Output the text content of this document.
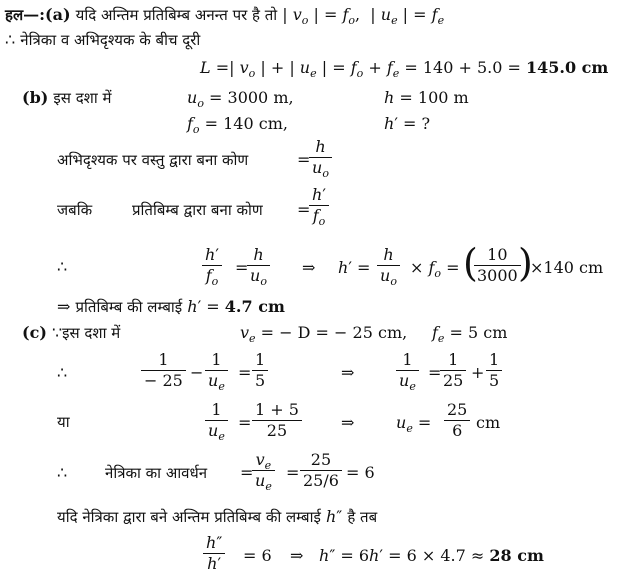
हल—:(a) यदि अन्तिम प्रतिबिम्ब अनन्त पर है तो | $v_o$ | = $f_o$,  | $u_e$ | = $f_e$
∴ नेत्रिका व अभिदृश्यक के बीच दूरी
L =| $v_o$ | + | $u_e$ | = $f_o + f_e = 140 + 5.0 = 145.0$ cm
(b) इस दशा में	$u_o = 3000$ m,	h = 100 m
$f_o = 140$ cm,	h′ = ?
अभिदृश्यक पर वस्तु द्वारा बना कोण	=
$\frac{h}{u_o}$
जबकि	प्रतिबिम्ब द्वारा बना कोण =
$\frac{h'}{f_o}$
∴	$\frac{h'}{f_o}$ =
$\frac{h}{u_o}$ ⇒ $h' = \frac{h}{u_o} \times f_o$ = (
$\frac{10}{3000}$
)
×140 cm
⇒ प्रतिबिम्ब की लम्बाई h′ = 4.7 cm
(c) ∵इस दशा में	$v_e$ = − D = − 25 cm, $f_e = 5$ cm
∴	$\frac{1}{- 25} - \frac{1}{u_e} = \frac{1}{5}$	⇒	$\frac{1}{u_e}$ =
$\frac{1}{25} + \frac{1}{5}$
या	$\frac{1}{u_e} = \frac{1 + 5}{25}$ ⇒	$u_e = \frac{25}{6}$ cm
∴	नेत्रिका का आवर्धन =
$\frac{v_e}{u_e} = \frac{25}{25/6} = 6$
यदि नेत्रिका द्वारा बने अन्तिम प्रतिबिम्ब की लम्बाई h″ है तब
$\frac{h''}{h'} = 6$ ⇒ h″ = 6h′ = 6 × 4.7 ≈ 28 cm
